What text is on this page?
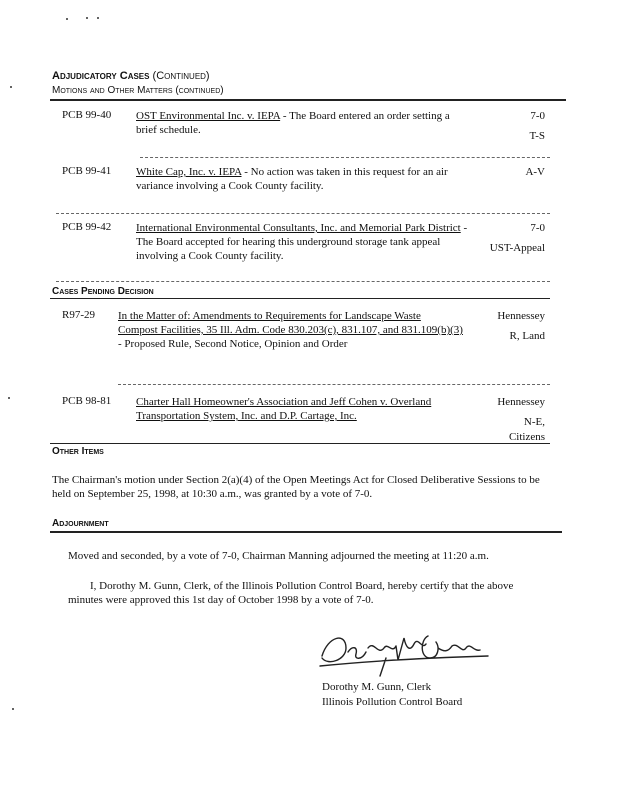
Adjudicatory Cases (Continued)
Motions and Other Matters (continued)
PCB 99-40 OST Environmental Inc. v. IEPA - The Board entered an order setting a brief schedule.
7-0
T-S
PCB 99-41 White Cap, Inc. v. IEPA - No action was taken in this request for an air variance involving a Cook County facility.
A-V
PCB 99-42 International Environmental Consultants, Inc. and Memorial Park District - The Board accepted for hearing this underground storage tank appeal involving a Cook County facility.
7-0
UST-Appeal
Cases Pending Decision
R97-29 In the Matter of: Amendments to Requirements for Landscape Waste Compost Facilities, 35 Ill. Adm. Code 830.203(c), 831.107, and 831.109(b)(3) - Proposed Rule, Second Notice, Opinion and Order
Hennessey
R, Land
PCB 98-81 Charter Hall Homeowner's Association and Jeff Cohen v. Overland Transportation System, Inc. and D.P. Cartage, Inc.
Hennessey
N-E,
Citizens
Other Items
The Chairman's motion under Section 2(a)(4) of the Open Meetings Act for Closed Deliberative Sessions to be held on September 25, 1998, at 10:30 a.m., was granted by a vote of 7-0.
Adjournment
Moved and seconded, by a vote of 7-0, Chairman Manning adjourned the meeting at 11:20 a.m.
I, Dorothy M. Gunn, Clerk, of the Illinois Pollution Control Board, hereby certify that the above minutes were approved this 1st day of October 1998 by a vote of 7-0.
Dorothy M. Gunn, Clerk
Illinois Pollution Control Board
